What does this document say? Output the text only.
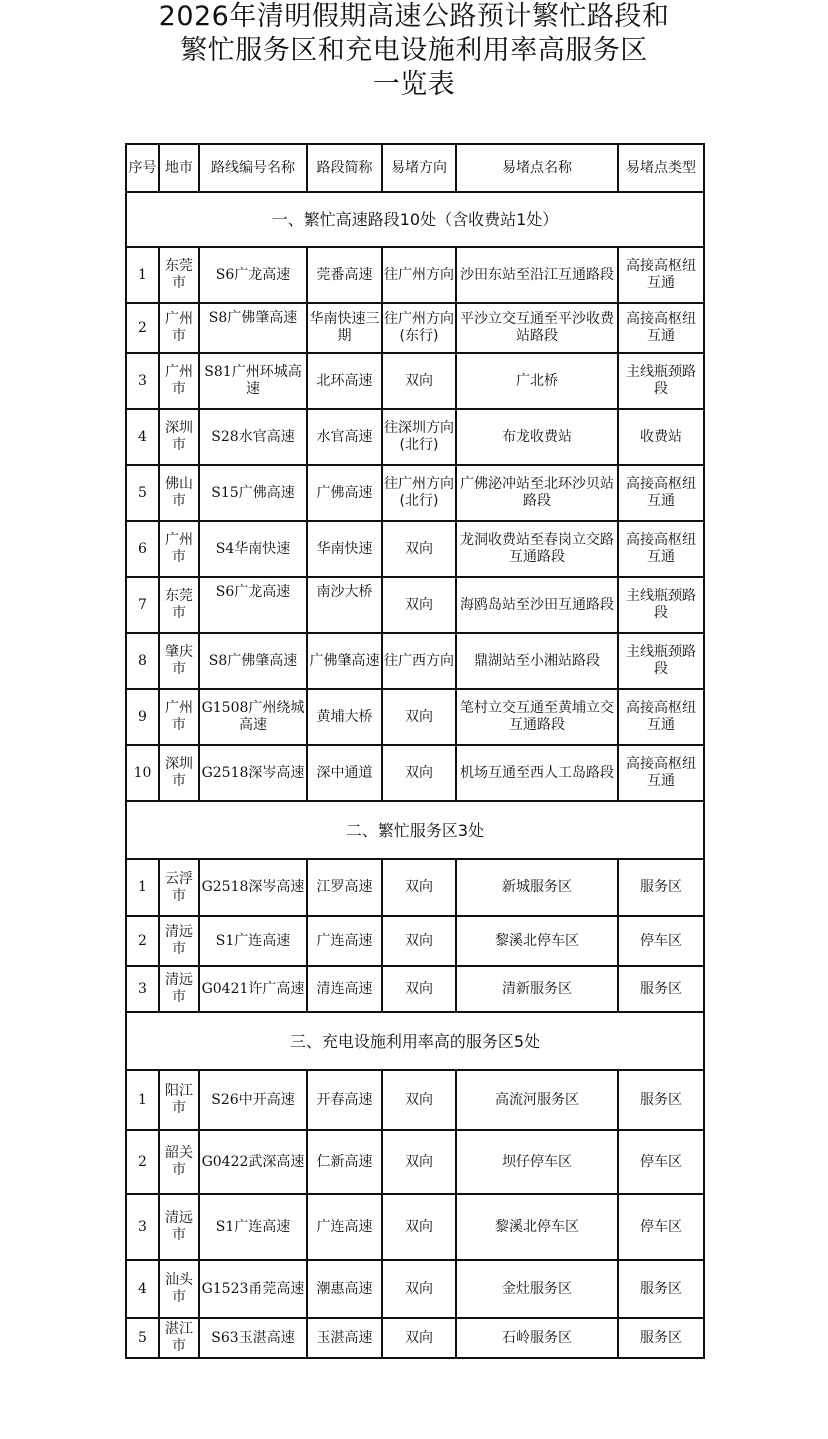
2026年清明假期高速公路预计繁忙路段和
繁忙服务区和充电设施利用率高服务区
一览表
序号	地市	路线编号名称	路段简称	易堵方向	易堵点名称	易堵点类型
一、繁忙高速路段10处（含收费站1处）						
1	东莞市	S6广龙高速	莞番高速	往广州方向	沙田东站至沿江互通路段	高接高枢纽互通
2	广州市	S8广佛肇高速	华南快速三期	往广州方向(东行)	平沙立交互通至平沙收费站路段	高接高枢纽互通
3	广州市	S81广州环城高速	北环高速	双向	广北桥	主线瓶颈路段
4	深圳市	S28水官高速	水官高速	往深圳方向(北行)	布龙收费站	收费站
5	佛山市	S15广佛高速	广佛高速	往广州方向(北行)	广佛泌冲站至北环沙贝站路段	高接高枢纽互通
6	广州市	S4华南快速	华南快速	双向	龙洞收费站至春岗立交路互通路段	高接高枢纽互通
7	东莞市	S6广龙高速	南沙大桥	双向	海鸥岛站至沙田互通路段	主线瓶颈路段
8	肇庆市	S8广佛肇高速	广佛肇高速	往广西方向	鼎湖站至小湘站路段	主线瓶颈路段
9	广州市	G1508广州绕城高速	黄埔大桥	双向	笔村立交互通至黄埔立交互通路段	高接高枢纽互通
10	深圳市	G2518深岑高速	深中通道	双向	机场互通至西人工岛路段	高接高枢纽互通
二、繁忙服务区3处						
1	云浮市	G2518深岑高速	江罗高速	双向	新城服务区	服务区
2	清远市	S1广连高速	广连高速	双向	黎溪北停车区	停车区
3	清远市	G0421许广高速	清连高速	双向	清新服务区	服务区
三、充电设施利用率高的服务区5处						
1	阳江市	S26中开高速	开春高速	双向	高流河服务区	服务区
2	韶关市	G0422武深高速	仁新高速	双向	坝仔停车区	停车区
3	清远市	S1广连高速	广连高速	双向	黎溪北停车区	停车区
4	汕头市	G1523甬莞高速	潮惠高速	双向	金灶服务区	服务区
5	湛江市	S63玉湛高速	玉湛高速	双向	石岭服务区	服务区
